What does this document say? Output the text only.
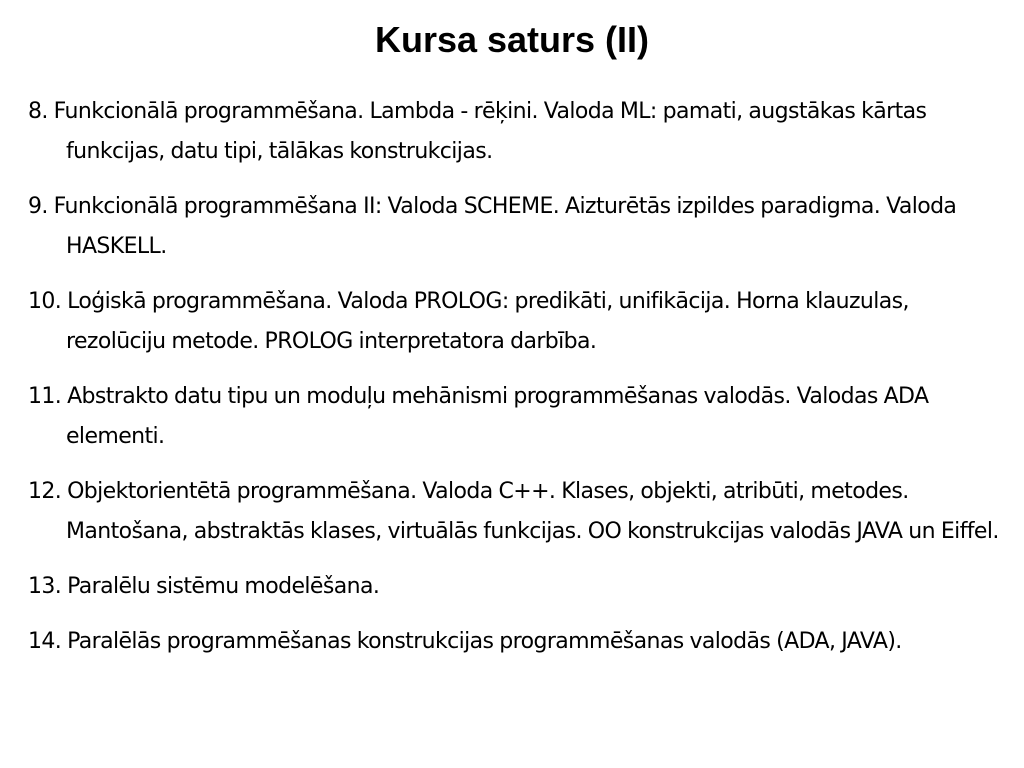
Kursa saturs (II)
8. Funkcionālā programmēšana. Lambda - rēķini. Valoda ML: pamati, augstākas kārtas funkcijas, datu tipi, tālākas konstrukcijas.
9. Funkcionālā programmēšana II: Valoda SCHEME. Aizturētās izpildes paradigma. Valoda HASKELL.
10. Loģiskā programmēšana. Valoda PROLOG: predikāti, unifikācija. Horna klauzulas, rezolūciju metode. PROLOG interpretatora darbība.
11. Abstrakto datu tipu un moduļu mehānismi programmēšanas valodās. Valodas ADA elementi.
12. Objektorientētā programmēšana. Valoda C++. Klases, objekti, atribūti, metodes. Mantošana, abstraktās klases, virtuālās funkcijas. OO konstrukcijas valodās JAVA un Eiffel.
13. Paralēlu sistēmu modelēšana.
14. Paralēlās programmēšanas konstrukcijas programmēšanas valodās (ADA, JAVA).
